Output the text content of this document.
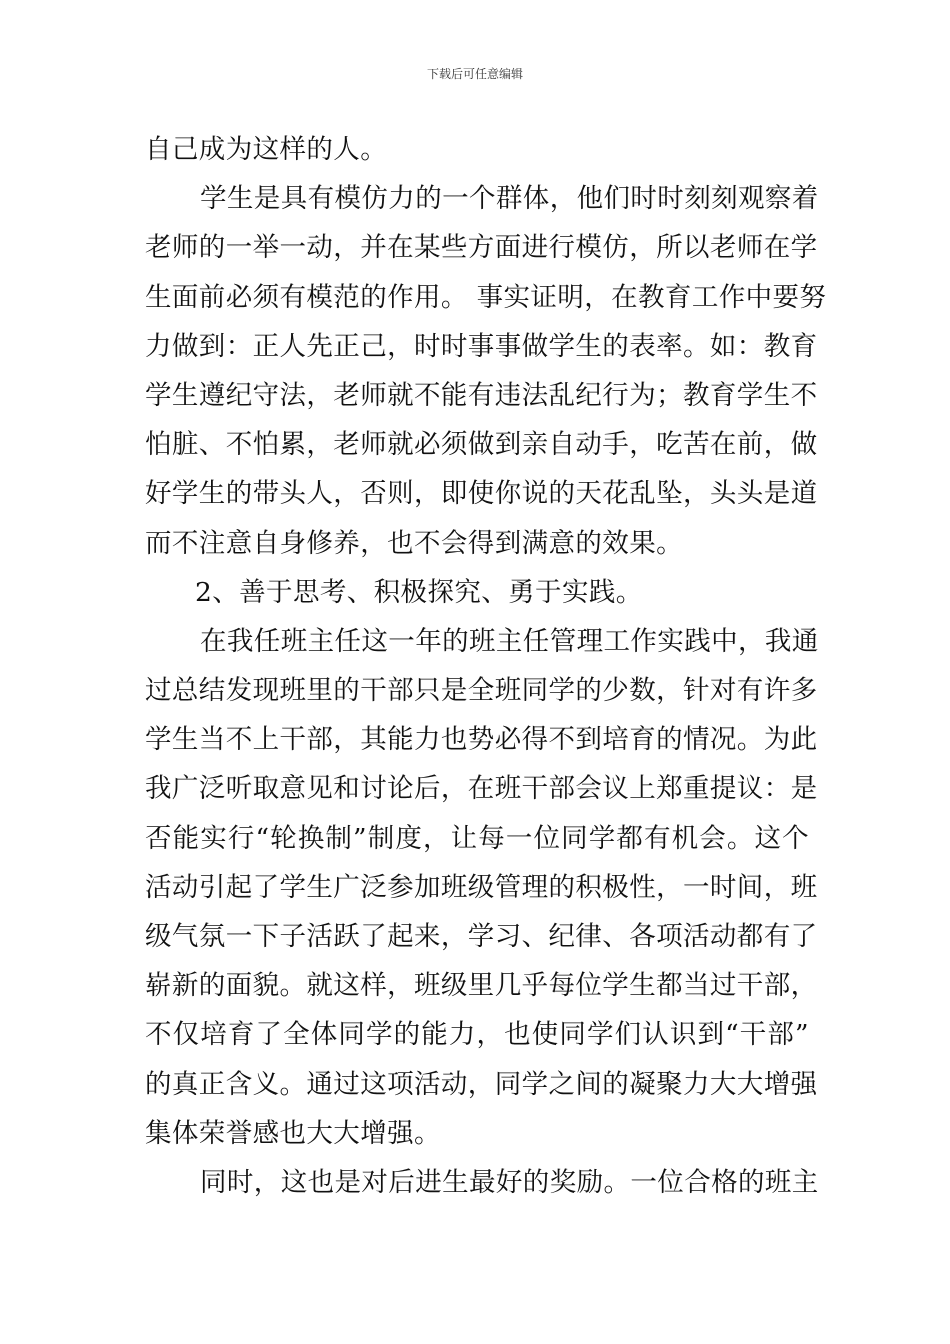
下载后可任意编辑
自己成为这样的人。
学生是具有模仿力的一个群体，他们时时刻刻观察着
老师的一举一动，并在某些方面进行模仿，所以老师在学
生面前必须有模范的作用。 事实证明，在教育工作中要努
力做到：正人先正己，时时事事做学生的表率。如：教育
学生遵纪守法，老师就不能有违法乱纪行为；教育学生不
怕脏、不怕累，老师就必须做到亲自动手，吃苦在前，做
好学生的带头人，否则，即使你说的天花乱坠，头头是道
而不注意自身修养，也不会得到满意的效果。
2、善于思考、积极探究、勇于实践。
在我任班主任这一年的班主任管理工作实践中，我通
过总结发现班里的干部只是全班同学的少数，针对有许多
学生当不上干部，其能力也势必得不到培育的情况。为此
我广泛听取意见和讨论后，在班干部会议上郑重提议：是
否能实行“轮换制”制度，让每一位同学都有机会。这个
活动引起了学生广泛参加班级管理的积极性，一时间，班
级气氛一下子活跃了起来，学习、纪律、各项活动都有了
崭新的面貌。就这样，班级里几乎每位学生都当过干部，
不仅培育了全体同学的能力，也使同学们认识到“干部”
的真正含义。通过这项活动，同学之间的凝聚力大大增强
集体荣誉感也大大增强。
同时，这也是对后进生最好的奖励。一位合格的班主
